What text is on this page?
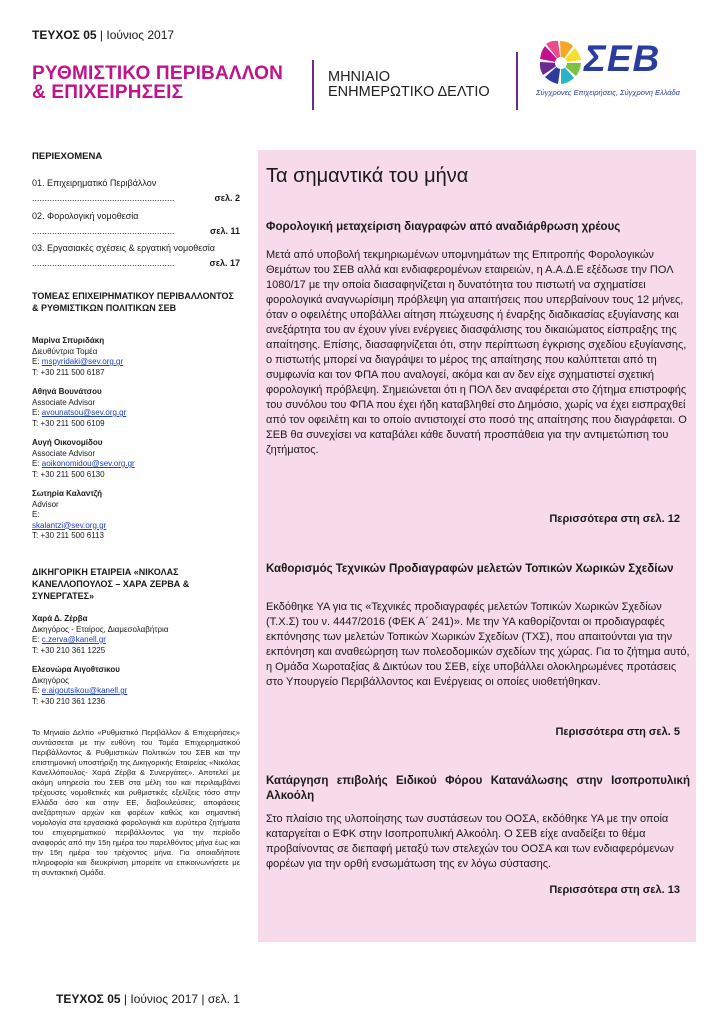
ΤΕΥΧΟΣ 05 | Ιούνιος 2017
ΡΥΘΜΙΣΤΙΚΟ ΠΕΡΙΒΑΛΛΟΝ
& ΕΠΙΧΕΙΡΗΣΕΙΣ
ΜΗΝΙΑΙΟ
ΕΝΗΜΕΡΩΤΙΚΟ ΔΕΛΤΙΟ
ΣΕΒ
Σύγχρονες Επιχειρήσεις, Σύγχρονη Ελλάδα
ΠΕΡΙΕΧΟΜΕΝΑ
01. Επιχειρηματικό Περιβάλλον
.........................................................	σελ. 2
02. Φορολογική νομοθεσία
.........................................................	σελ. 11
03. Εργασιακές σχέσεις & εργατική νομοθεσία
.........................................................	σελ. 17
ΤΟΜΕΑΣ ΕΠΙΧΕΙΡΗΜΑΤΙΚΟΥ ΠΕΡΙΒΑΛΛΟΝΤΟΣ & ΡΥΘΜΙΣΤΙΚΩΝ ΠΟΛΙΤΙΚΩΝ ΣΕΒ
Μαρίνα Σπυριδάκη
Διευθύντρια Τομέα
E: mspyridaki@sev.org.gr
T: +30 211 500 6187
Αθηνά Βουνάτσου
Associate Advisor
E: avounatsou@sev.org.gr
T: +30 211 500 6109
Αυγή Οικονομίδου
Associate Advisor
E: aoikonomidou@sev.org.gr
T: +30 211 500 6130
Σωτηρία Καλαντζή
Advisor
E:
skalantzi@sev.org.gr
T: +30 211 500 6113
ΔΙΚΗΓΟΡΙΚΗ ΕΤΑΙΡΕΙΑ «ΝΙΚΟΛΑΣ ΚΑΝΕΛΛΟΠΟΥΛΟΣ – ΧΑΡΑ ΖΕΡΒΑ & ΣΥΝΕΡΓΑΤΕΣ»
Χαρά Δ. Ζέρβα
Δικηγόρος - Εταίρος, Διαμεσολαβήτρια
E: c.zerva@kanell.gr
T: +30 210 361 1225
Ελεονώρα Αιγοθτσικου
Δικηγόρος
E: e.aigoutsikou@kanell.gr
T: +30 210 361 1236
Το Μηνιαίο Δελτίο «Ρυθμιστικό Περιβάλλον & Επιχειρήσεις» συντάσσεται με την ευθύνη του Τομέα Επιχειρηματικού Περιβάλλοντος & Ρυθμιστικών Πολιτικών του ΣΕΒ και την επιστημονική υποστήριξη της Δικηγορικής Εταιρείας «Νικόλας Κανελλόπουλος- Χαρά Ζέρβα & Συνεργάτες». Αποτελεί με ακόμη υπηρεσία του ΣΕΒ στα μέλη του και περιλαμβάνει τρέχουσες νομοθετικές και ρυθμιστικές εξελίξεις τόσο στην Ελλάδα όσο και στην ΕΕ, διαβουλεύσεις, αποφάσεις ανεξάρτητων αρχών και φορέων καθώς και σημαντική νομολογία στα εργασιακά φορολογικά και ευρύτερα ζητήματα του επιχειρηματικού περιβάλλοντος για την περίοδο αναφοράς από την 15η ημέρα του παρελθόντος μήνα έως και την 15η ημέρα του τρέχοντος μήνα. Για οποιαδήποτε πληροφορία και διευκρίνιση μπορείτε να επικοινωνήσετε με τη συντακτική Ομάδα.
Τα σημαντικά του μήνα
Φορολογική μεταχείριση διαγραφών από αναδιάρθρωση χρέους
Μετά από υποβολή τεκμηριωμένων υπομνημάτων της Επιτροπής Φορολογικών Θεμάτων του ΣΕΒ αλλά και ενδιαφερομένων εταιρειών, η Α.Α.Δ.Ε εξέδωσε την ΠΟΛ 1080/17 με την οποία διασαφηνίζεται η δυνατότητα του πιστωτή να σχηματίσει φορολογικά αναγνωρίσιμη πρόβλεψη για απαιτήσεις που υπερβαίνουν τους 12 μήνες, όταν ο οφειλέτης υποβάλλει αίτηση πτώχευσης ή έναρξης διαδικασίας εξυγίανσης και ανεξάρτητα του αν έχουν γίνει ενέργειες διασφάλισης του δικαιώματος είσπραξης της απαίτησης. Επίσης, διασαφηνίζεται ότι, στην περίπτωση έγκρισης σχεδίου εξυγίανσης, ο πιστωτής μπορεί να διαγράψει το μέρος της απαίτησης που καλύπτεται από τη συμφωνία και τον ΦΠΑ που αναλογεί, ακόμα και αν δεν είχε σχηματιστεί σχετική φορολογική πρόβλεψη. Σημειώνεται ότι η ΠΟΛ δεν αναφέρεται στο ζήτημα επιστροφής του συνόλου του ΦΠΑ που έχει ήδη καταβληθεί στο Δημόσιο, χωρίς να έχει εισπραχθεί από τον οφειλέτη και το οποίο αντιστοιχεί στο ποσό της απαίτησης που διαγράφεται. Ο ΣΕΒ θα συνεχίσει να καταβάλει κάθε δυνατή προσπάθεια για την αντιμετώπιση του ζητήματος.
Περισσότερα στη σελ. 12
Καθορισμός Τεχνικών Προδιαγραφών μελετών Τοπικών Χωρικών Σχεδίων
Εκδόθηκε ΥΑ για τις «Τεχνικές προδιαγραφές μελετών Τοπικών Χωρικών Σχεδίων (Τ.Χ.Σ) του ν. 4447/2016 (ΦΕΚ Α΄ 241)». Με την ΥΑ καθορίζονται οι προδιαγραφές εκπόνησης των μελετών Τοπικών Χωρικών Σχεδίων (ΤΧΣ), που απαιτούνται για την εκπόνηση και αναθεώρηση των πολεοδομικών σχεδίων της χώρας. Για το ζήτημα αυτό, η Ομάδα Χωροταξίας & Δικτύων του ΣΕΒ, είχε υποβάλλει ολοκληρωμένες προτάσεις στο Υπουργείο Περιβάλλοντος και Ενέργειας οι οποίες υιοθετήθηκαν.
Περισσότερα στη σελ. 5
Κατάργηση επιβολής Ειδικού Φόρου Κατανάλωσης στην Ισοπροπυλική Αλκοόλη
Στο πλαίσιο της υλοποίησης των συστάσεων του ΟΟΣΑ, εκδόθηκε ΥΑ με την οποία καταργείται ο ΕΦΚ στην Ισοπροπυλική Αλκοόλη. Ο ΣΕΒ είχε αναδείξει το θέμα προβαίνοντας σε διεπαφή μεταξύ των στελεχών του ΟΟΣΑ και των ενδιαφερόμενων φορέων για την ορθή ενσωμάτωση της εν λόγω σύστασης.
Περισσότερα στη σελ. 13
ΤΕΥΧΟΣ 05 | Ιούνιος 2017 | σελ. 1
